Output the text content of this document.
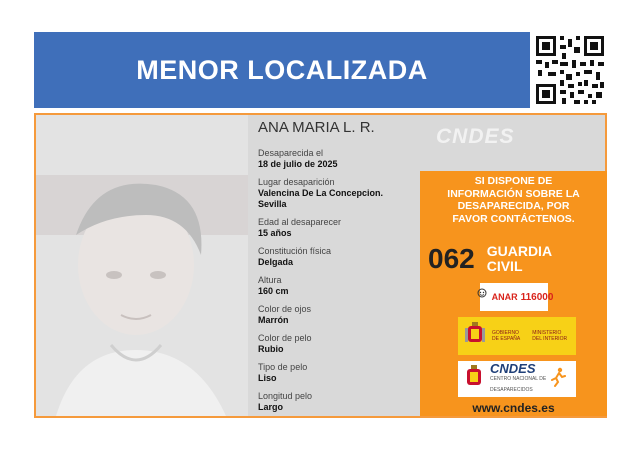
MENOR LOCALIZADA
ANA MARIA L. R.
Desaparecida el
18 de julio de 2025
Lugar desaparición
Valencina De La Concepcion.
Sevilla
Edad al desaparecer
15 años
Constitución física
Delgada
Altura
160 cm
Color de ojos
Marrón
Color de pelo
Rubio
Tipo de pelo
Liso
Longitud pelo
Largo
CNDES
SI DISPONE DE
INFORMACIÓN SOBRE LA
DESAPARECIDA, POR
FAVOR CONTÁCTENOS.
062 GUARDIA
CIVIL
ANAR 116000
GOBIERNO
DE ESPAÑA
MINISTERIO
DEL INTERIOR
CNDES
CENTRO NACIONAL DE
DESAPARECIDOS
www.cndes.es
